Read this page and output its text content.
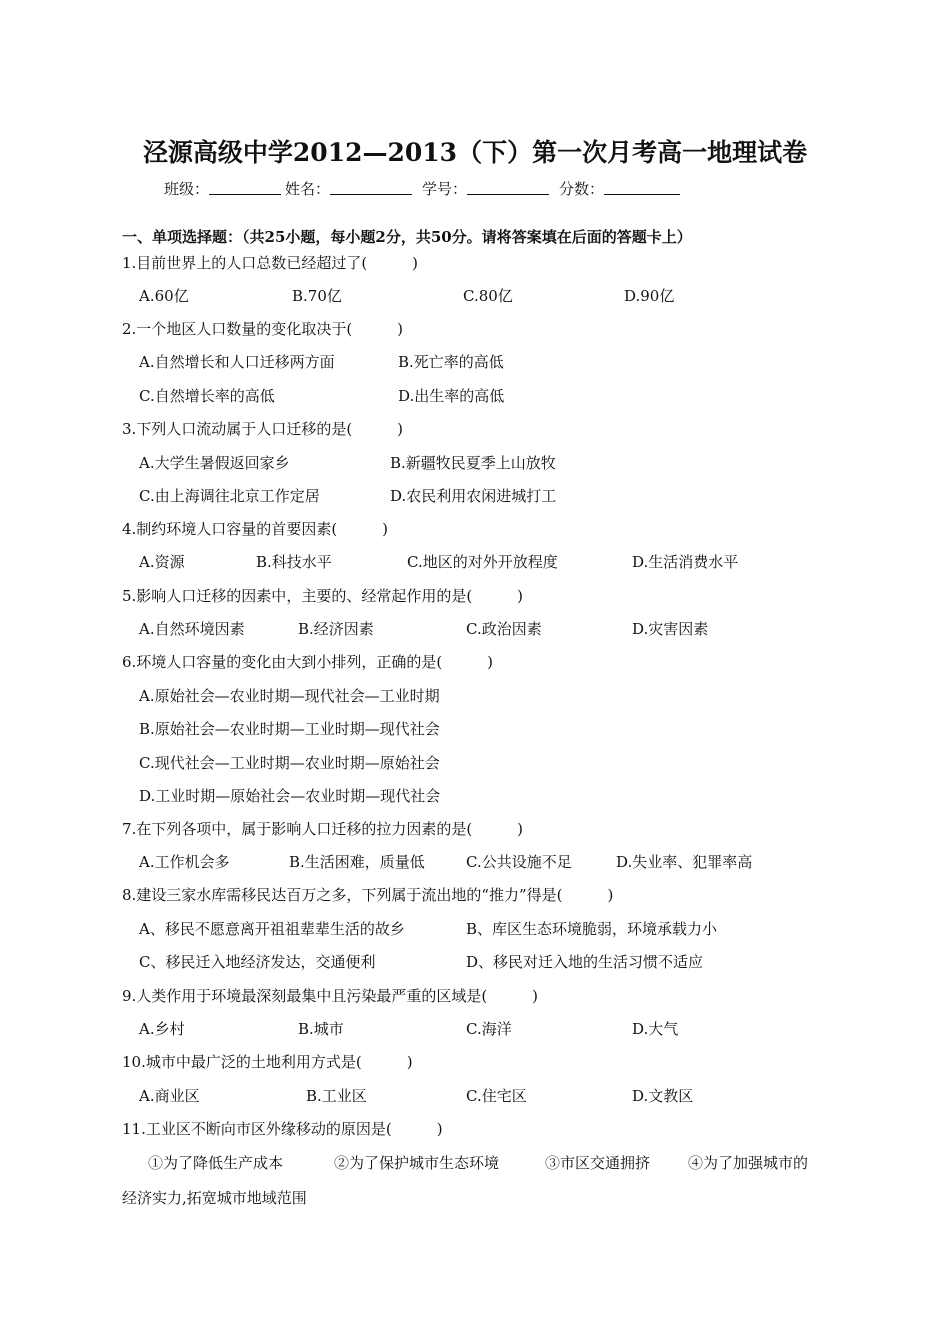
泾源高级中学2012—2013（下）第一次月考高一地理试卷
班级：	姓名：	学号：	分数：
一、单项选择题：（共25小题，每小题2分，共50分。请将答案填在后面的答题卡上）
1.目前世界上的人口总数已经超过了(　　　)
A.60亿	B.70亿	C.80亿	D.90亿
2.一个地区人口数量的变化取决于(　　　)
A.自然增长和人口迁移两方面	B.死亡率的高低
C.自然增长率的高低	D.出生率的高低
3.下列人口流动属于人口迁移的是(　　　)
A.大学生暑假返回家乡	B.新疆牧民夏季上山放牧
C.由上海调往北京工作定居	D.农民利用农闲进城打工
4.制约环境人口容量的首要因素(　　　)
A.资源	B.科技水平	C.地区的对外开放程度	D.生活消费水平
5.影响人口迁移的因素中，主要的、经常起作用的是(　　　)
A.自然环境因素	B.经济因素	C.政治因素	D.灾害因素
6.环境人口容量的变化由大到小排列，正确的是(　　　)
A.原始社会—农业时期—现代社会—工业时期
B.原始社会—农业时期—工业时期—现代社会
C.现代社会—工业时期—农业时期—原始社会
D.工业时期—原始社会—农业时期—现代社会
7.在下列各项中，属于影响人口迁移的拉力因素的是(　　　)
A.工作机会多	B.生活困难，质量低	C.公共设施不足	D.失业率、犯罪率高
8.建设三家水库需移民达百万之多，下列属于流出地的“推力”得是(　　　)
A、移民不愿意离开祖祖辈辈生活的故乡	B、库区生态环境脆弱，环境承载力小
C、移民迁入地经济发达，交通便利	D、移民对迁入地的生活习惯不适应
9.人类作用于环境最深刻最集中且污染最严重的区域是(　　　)
A.乡村	B.城市	C.海洋	D.大气
10.城市中最广泛的土地利用方式是(　　　)
A.商业区	B.工业区	C.住宅区	D.文教区
11.工业区不断向市区外缘移动的原因是(　　　)
①为了降低生产成本	②为了保护城市生态环境	③市区交通拥挤	④为了加强城市的
经济实力,拓宽城市地域范围
